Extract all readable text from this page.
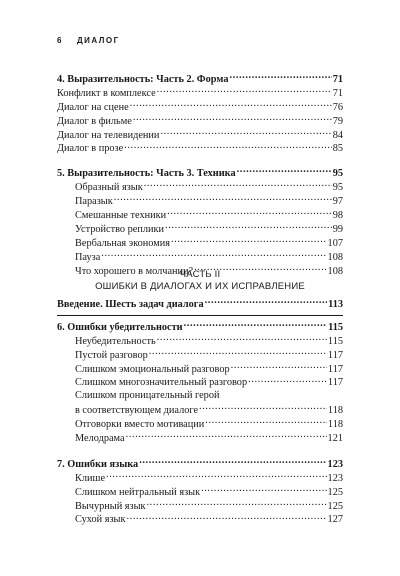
6 ДИАЛОГ
4. Выразительность: Часть 2. Форма .....	71
Конфликт в комплексе .....	71
Диалог на сцене .....	76
Диалог в фильме .....	79
Диалог на телевидении .....	84
Диалог в прозе .....	85
5. Выразительность: Часть 3. Техника .....	95
Образный язык .....	95
Паразык .....	97
Смешанные техники .....	98
Устройство реплики .....	99
Вербальная экономия .....	107
Пауза .....	108
Что хорошего в молчании? .....	108
ЧАСТЬ II
ОШИБКИ В ДИАЛОГАХ И ИХ ИСПРАВЛЕНИЕ
Введение. Шесть задач диалога .....	113
6. Ошибки убедительности .....	115
Неубедительность .....	115
Пустой разговор .....	117
Слишком эмоциональный разговор .....	117
Слишком многозначительный разговор .....	117
Слишком проницательный герой
в соответствующем диалоге .....	118
Отговорки вместо мотивации .....	118
Мелодрама .....	121
7. Ошибки языка .....	123
Клише .....	123
Слишком нейтральный язык .....	125
Вычурный язык .....	125
Сухой язык .....	127
